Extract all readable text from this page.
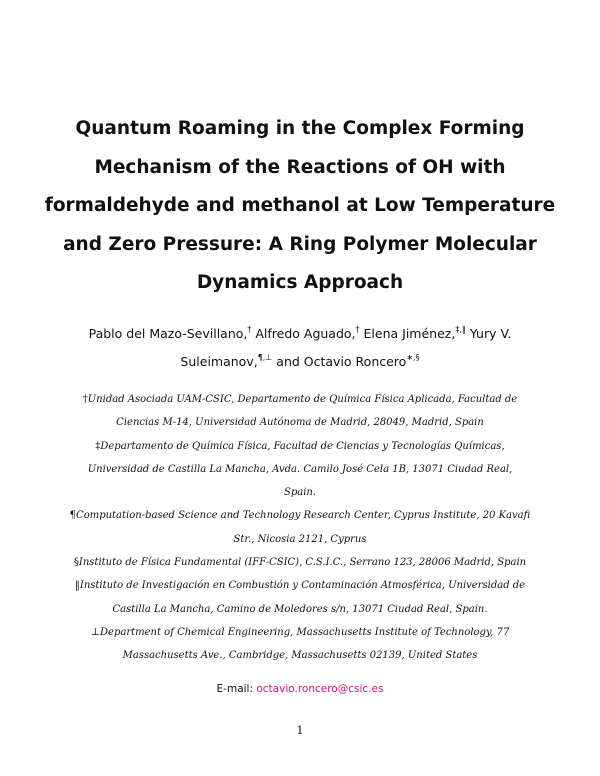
Quantum Roaming in the Complex Forming
Mechanism of the Reactions of OH with
formaldehyde and methanol at Low Temperature
and Zero Pressure: A Ring Polymer Molecular
Dynamics Approach
Pablo del Mazo-Sevillano,† Alfredo Aguado,† Elena Jiménez,‡,‖ Yury V.
Suleimanov,¶,⊥ and Octavio Roncero∗,§
†Unidad Asociada UAM-CSIC, Departamento de Química Física Aplicada, Facultad de
Ciencias M-14, Universidad Autónoma de Madrid, 28049, Madrid, Spain
‡Departamento de Química Física, Facultad de Ciencias y Tecnologías Químicas,
Universidad de Castilla La Mancha, Avda. Camilo José Cela 1B, 13071 Ciudad Real,
Spain.
¶Computation-based Science and Technology Research Center, Cyprus Institute, 20 Kavafi
Str., Nicosia 2121, Cyprus
§Instituto de Física Fundamental (IFF-CSIC), C.S.I.C., Serrano 123, 28006 Madrid, Spain
‖Instituto de Investigación en Combustión y Contaminación Atmosférica, Universidad de
Castilla La Mancha, Camino de Moledores s/n, 13071 Ciudad Real, Spain.
⊥Department of Chemical Engineering, Massachusetts Institute of Technology, 77
Massachusetts Ave., Cambridge, Massachusetts 02139, United States
E-mail: octavio.roncero@csic.es
1
